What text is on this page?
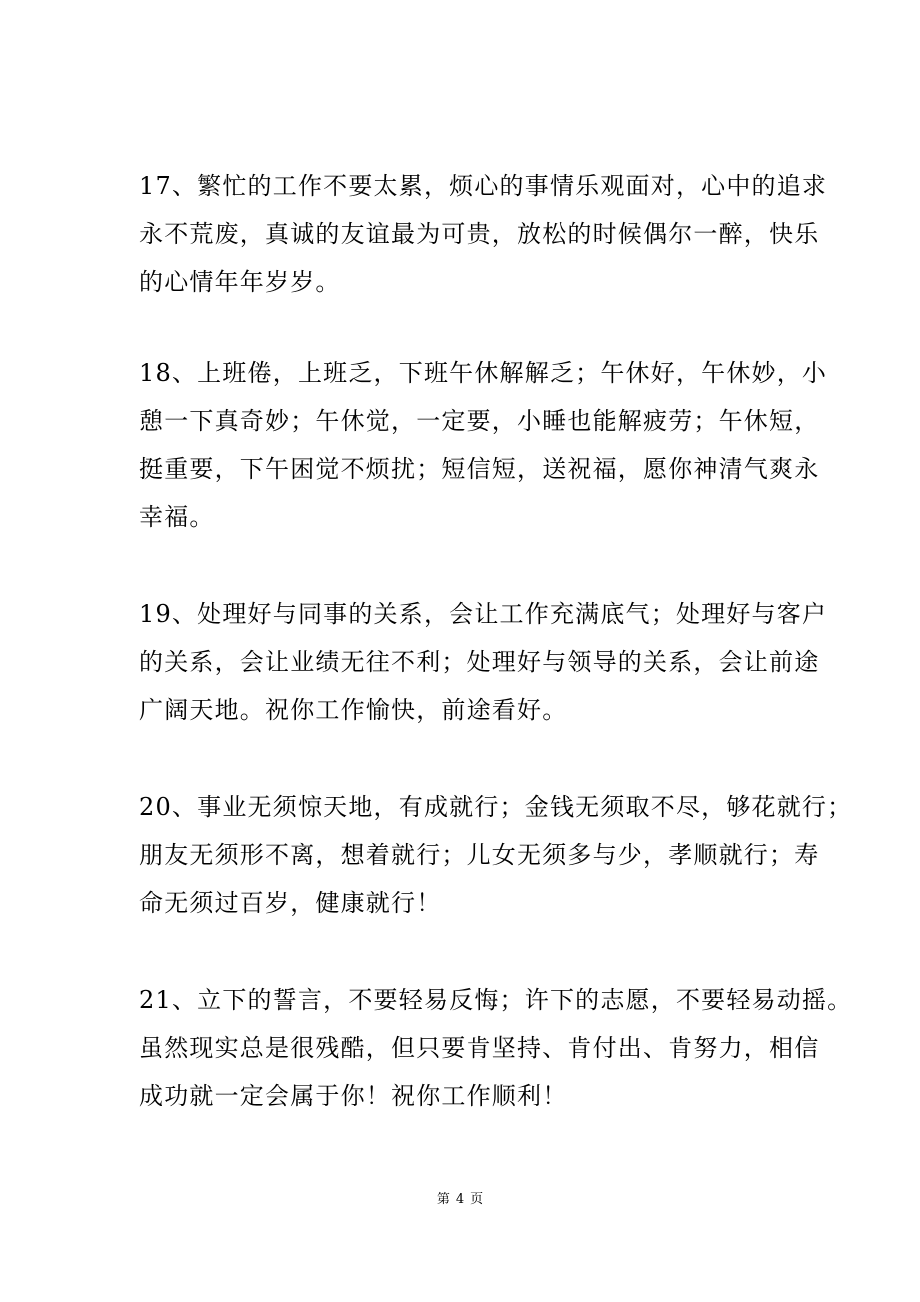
17、繁忙的工作不要太累，烦心的事情乐观面对，心中的追求
永不荒废，真诚的友谊最为可贵，放松的时候偶尔一醉，快乐
的心情年年岁岁。

18、上班倦，上班乏，下班午休解解乏；午休好，午休妙，小
憩一下真奇妙；午休觉，一定要，小睡也能解疲劳；午休短，
挺重要，下午困觉不烦扰；短信短，送祝福，愿你神清气爽永
幸福。

19、处理好与同事的关系，会让工作充满底气；处理好与客户
的关系，会让业绩无往不利；处理好与领导的关系，会让前途
广阔天地。祝你工作愉快，前途看好。

20、事业无须惊天地，有成就行；金钱无须取不尽，够花就行；
朋友无须形不离，想着就行；儿女无须多与少，孝顺就行；寿
命无须过百岁，健康就行！

21、立下的誓言，不要轻易反悔；许下的志愿，不要轻易动摇。
虽然现实总是很残酷，但只要肯坚持、肯付出、肯努力，相信
成功就一定会属于你！祝你工作顺利！

第 4 页
